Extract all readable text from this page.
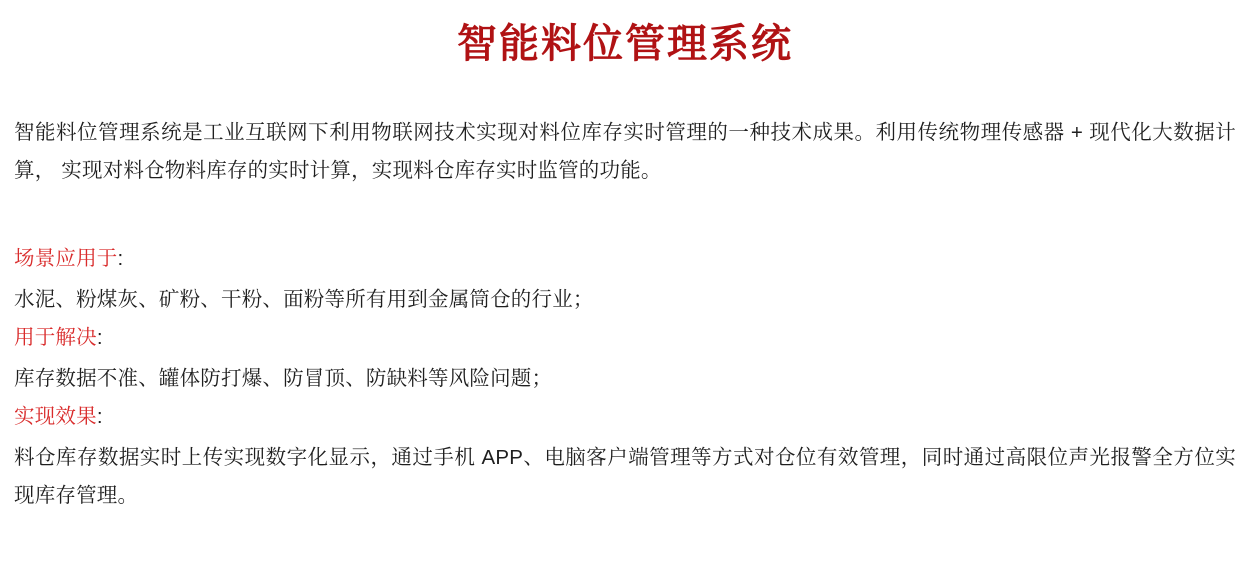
智能料位管理系统

智能料位管理系统是工业互联网下利用物联网技术实现对料位库存实时管理的一种技术成果。利用传统物理传感器 + 现代化大数据计算， 实现对料仓物料库存的实时计算，实现料仓库存实时监管的功能。

场景应用于:
水泥、粉煤灰、矿粉、干粉、面粉等所有用到金属筒仓的行业；
用于解决:
库存数据不准、罐体防打爆、防冒顶、防缺料等风险问题；
实现效果:
料仓库存数据实时上传实现数字化显示，通过手机 APP、电脑客户端管理等方式对仓位有效管理，同时通过高限位声光报警全方位实现库存管理。
